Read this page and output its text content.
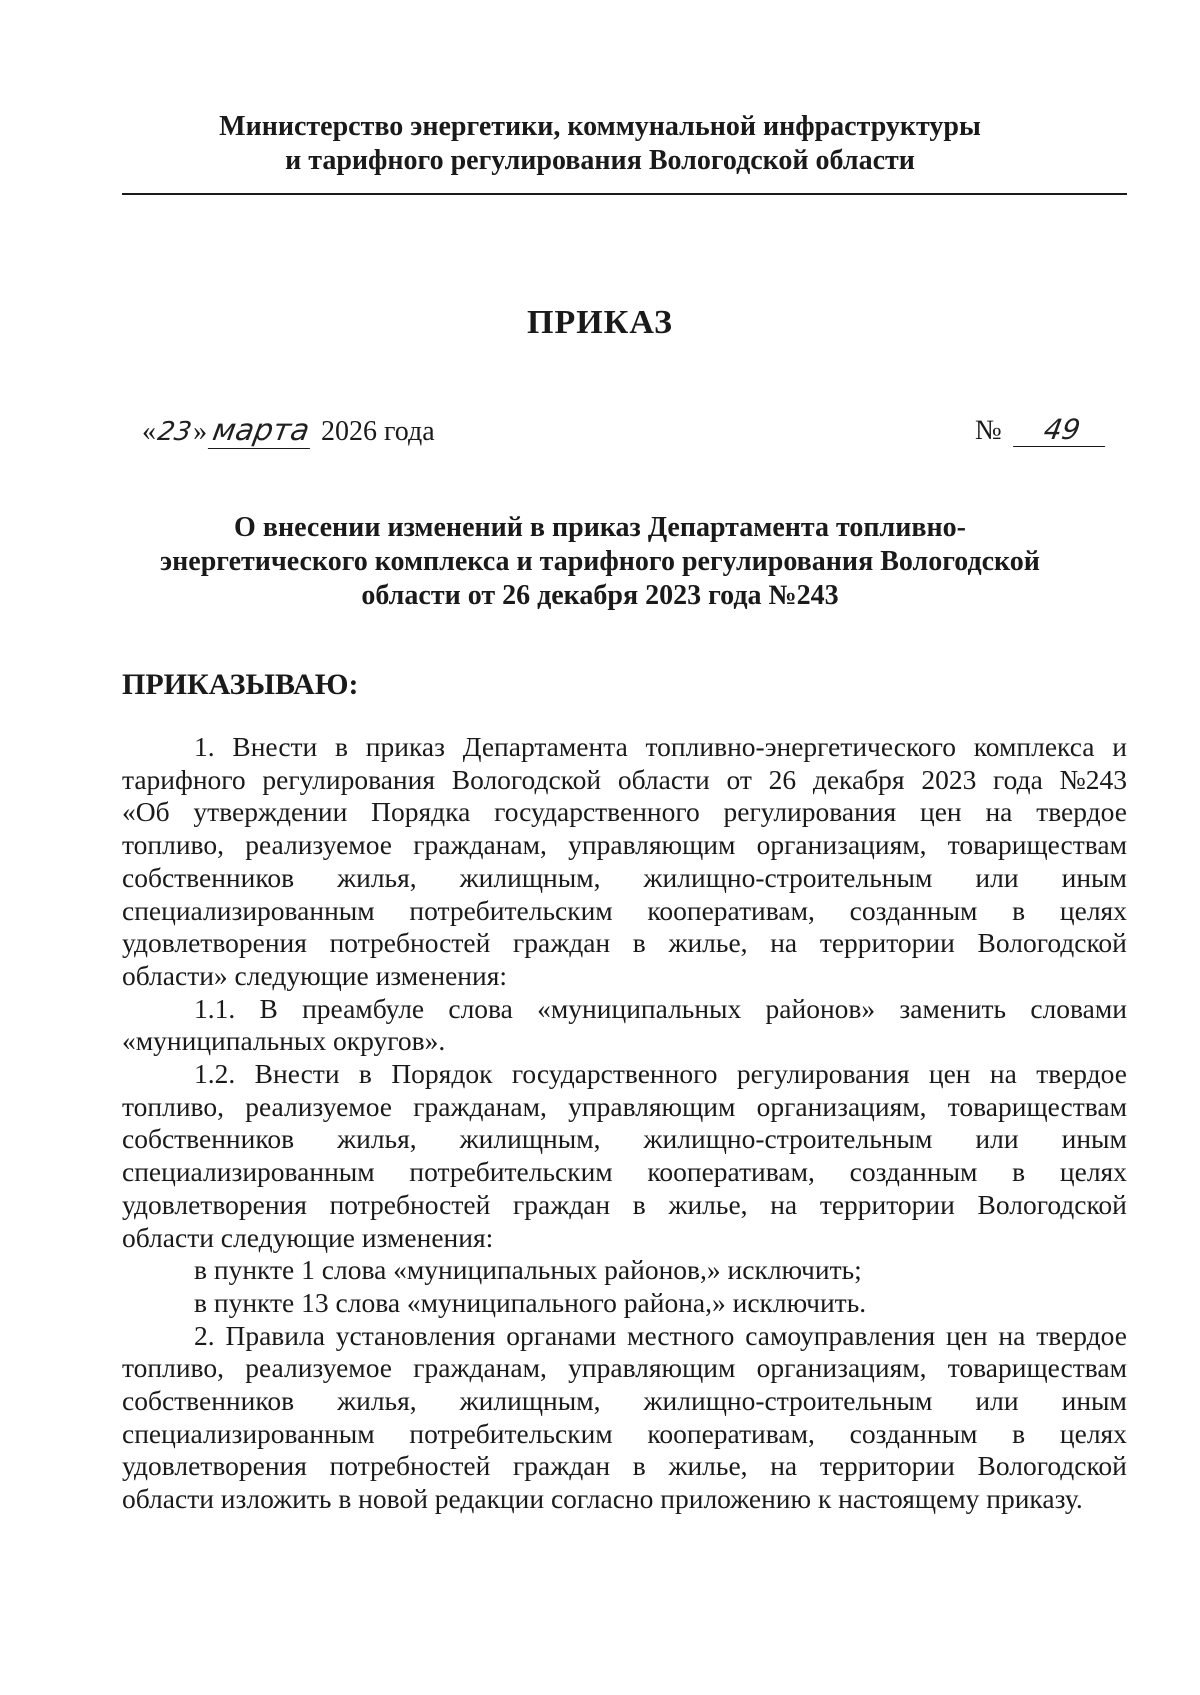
Министерство энергетики, коммунальной инфраструктуры
и тарифного регулирования Вологодской области
ПРИКАЗ
«23» марта 2026 года	№ 49
О внесении изменений в приказ Департамента топливно-
энергетического комплекса и тарифного регулирования Вологодской
области от 26 декабря 2023 года №243
ПРИКАЗЫВАЮ:
1. Внести в приказ Департамента топливно-энергетического комплекса и
тарифного регулирования Вологодской области от 26 декабря 2023 года №243
«Об утверждении Порядка государственного регулирования цен на твердое
топливо, реализуемое гражданам, управляющим организациям, товариществам
собственников жилья, жилищным, жилищно-строительным или иным
специализированным потребительским кооперативам, созданным в целях
удовлетворения потребностей граждан в жилье, на территории Вологодской
области» следующие изменения:
1.1. В преамбуле слова «муниципальных районов» заменить словами
«муниципальных округов».
1.2. Внести в Порядок государственного регулирования цен на твердое
топливо, реализуемое гражданам, управляющим организациям, товариществам
собственников жилья, жилищным, жилищно-строительным или иным
специализированным потребительским кооперативам, созданным в целях
удовлетворения потребностей граждан в жилье, на территории Вологодской
области следующие изменения:
в пункте 1 слова «муниципальных районов,» исключить;
в пункте 13 слова «муниципального района,» исключить.
2. Правила установления органами местного самоуправления цен на твердое
топливо, реализуемое гражданам, управляющим организациям, товариществам
собственников жилья, жилищным, жилищно-строительным или иным
специализированным потребительским кооперативам, созданным в целях
удовлетворения потребностей граждан в жилье, на территории Вологодской
области изложить в новой редакции согласно приложению к настоящему приказу.
